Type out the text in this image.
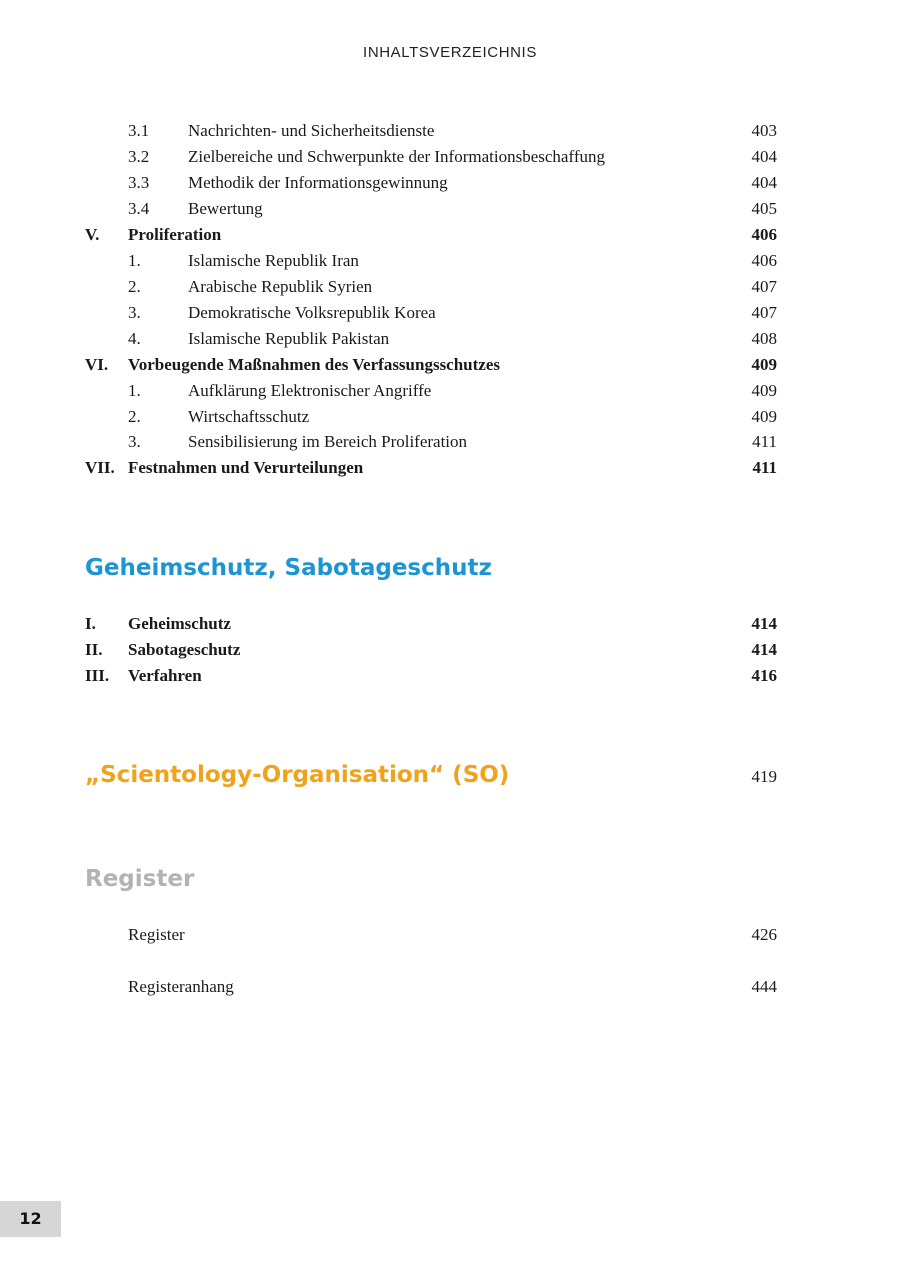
INHALTSVERZEICHNIS
3.1 Nachrichten- und Sicherheitsdienste	403
3.2 Zielbereiche und Schwerpunkte der Informationsbeschaffung	404
3.3 Methodik der Informationsgewinnung	404
3.4 Bewertung	405
V. Proliferation	406
1.	Islamische Republik Iran	406
2.	Arabische Republik Syrien	407
3.	Demokratische Volksrepublik Korea	407
4.	Islamische Republik Pakistan	408
VI. Vorbeugende Maßnahmen des Verfassungsschutzes	409
1.	Aufklärung Elektronischer Angriffe	409
2.	Wirtschaftsschutz	409
3.	Sensibilisierung im Bereich Proliferation	411
VII. Festnahmen und Verurteilungen	411
Geheimschutz, Sabotageschutz
I. Geheimschutz	414
II. Sabotageschutz	414
III. Verfahren	416
„Scientology-Organisation“ (SO)	419
Register
Register	426
Registeranhang	444
12
